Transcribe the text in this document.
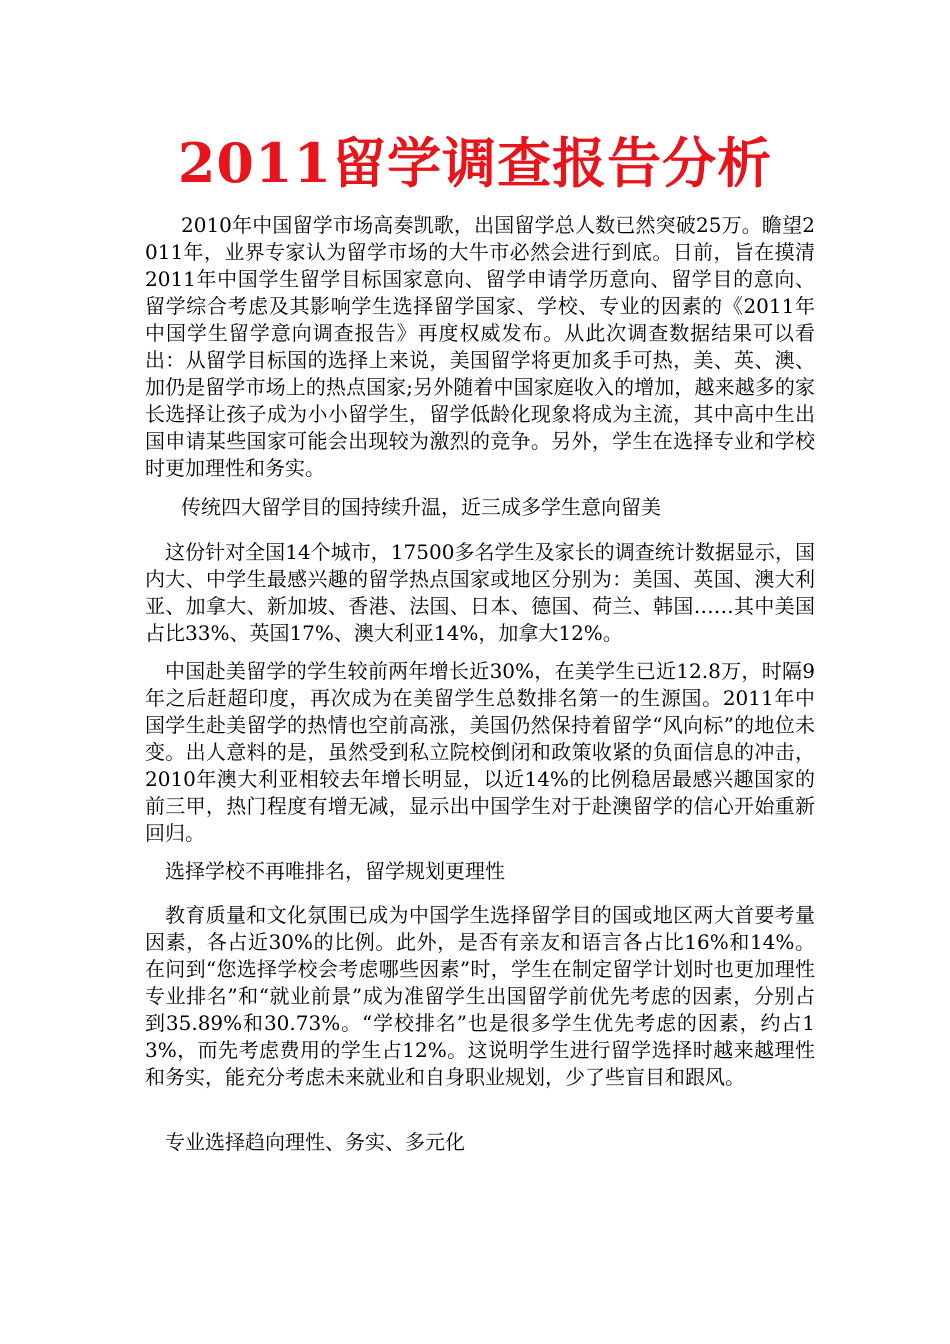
2011留学调查报告分析

2010年中国留学市场高奏凯歌，出国留学总人数已然突破25万。瞻望2011年，业界专家认为留学市场的大牛市必然会进行到底。日前，旨在摸清2011年中国学生留学目标国家意向、留学申请学历意向、留学目的意向、留学综合考虑及其影响学生选择留学国家、学校、专业的因素的《2011年中国学生留学意向调查报告》再度权威发布。从此次调查数据结果可以看出：从留学目标国的选择上来说，美国留学将更加炙手可热，美、英、澳、加仍是留学市场上的热点国家;另外随着中国家庭收入的增加，越来越多的家长选择让孩子成为小小留学生，留学低龄化现象将成为主流，其中高中生出国申请某些国家可能会出现较为激烈的竞争。另外，学生在选择专业和学校时更加理性和务实。

传统四大留学目的国持续升温，近三成多学生意向留美

这份针对全国14个城市，17500多名学生及家长的调查统计数据显示，国内大、中学生最感兴趣的留学热点国家或地区分别为：美国、英国、澳大利亚、加拿大、新加坡、香港、法国、日本、德国、荷兰、韩国……其中美国占比33%、英国17%、澳大利亚14%，加拿大12%。

中国赴美留学的学生较前两年增长近30%，在美学生已近12.8万，时隔9年之后赶超印度，再次成为在美留学生总数排名第一的生源国。2011年中国学生赴美留学的热情也空前高涨，美国仍然保持着留学“风向标”的地位未变。出人意料的是，虽然受到私立院校倒闭和政策收紧的负面信息的冲击，2010年澳大利亚相较去年增长明显，以近14%的比例稳居最感兴趣国家的前三甲，热门程度有增无减，显示出中国学生对于赴澳留学的信心开始重新回归。

选择学校不再唯排名，留学规划更理性

教育质量和文化氛围已成为中国学生选择留学目的国或地区两大首要考量因素，各占近30%的比例。此外，是否有亲友和语言各占比16%和14%。在问到“您选择学校会考虑哪些因素”时，学生在制定留学计划时也更加理性专业排名”和“就业前景”成为准留学生出国留学前优先考虑的因素，分别占到35.89%和30.73%。“学校排名”也是很多学生优先考虑的因素，约占13%，而先考虑费用的学生占12%。这说明学生进行留学选择时越来越理性和务实，能充分考虑未来就业和自身职业规划，少了些盲目和跟风。

专业选择趋向理性、务实、多元化
